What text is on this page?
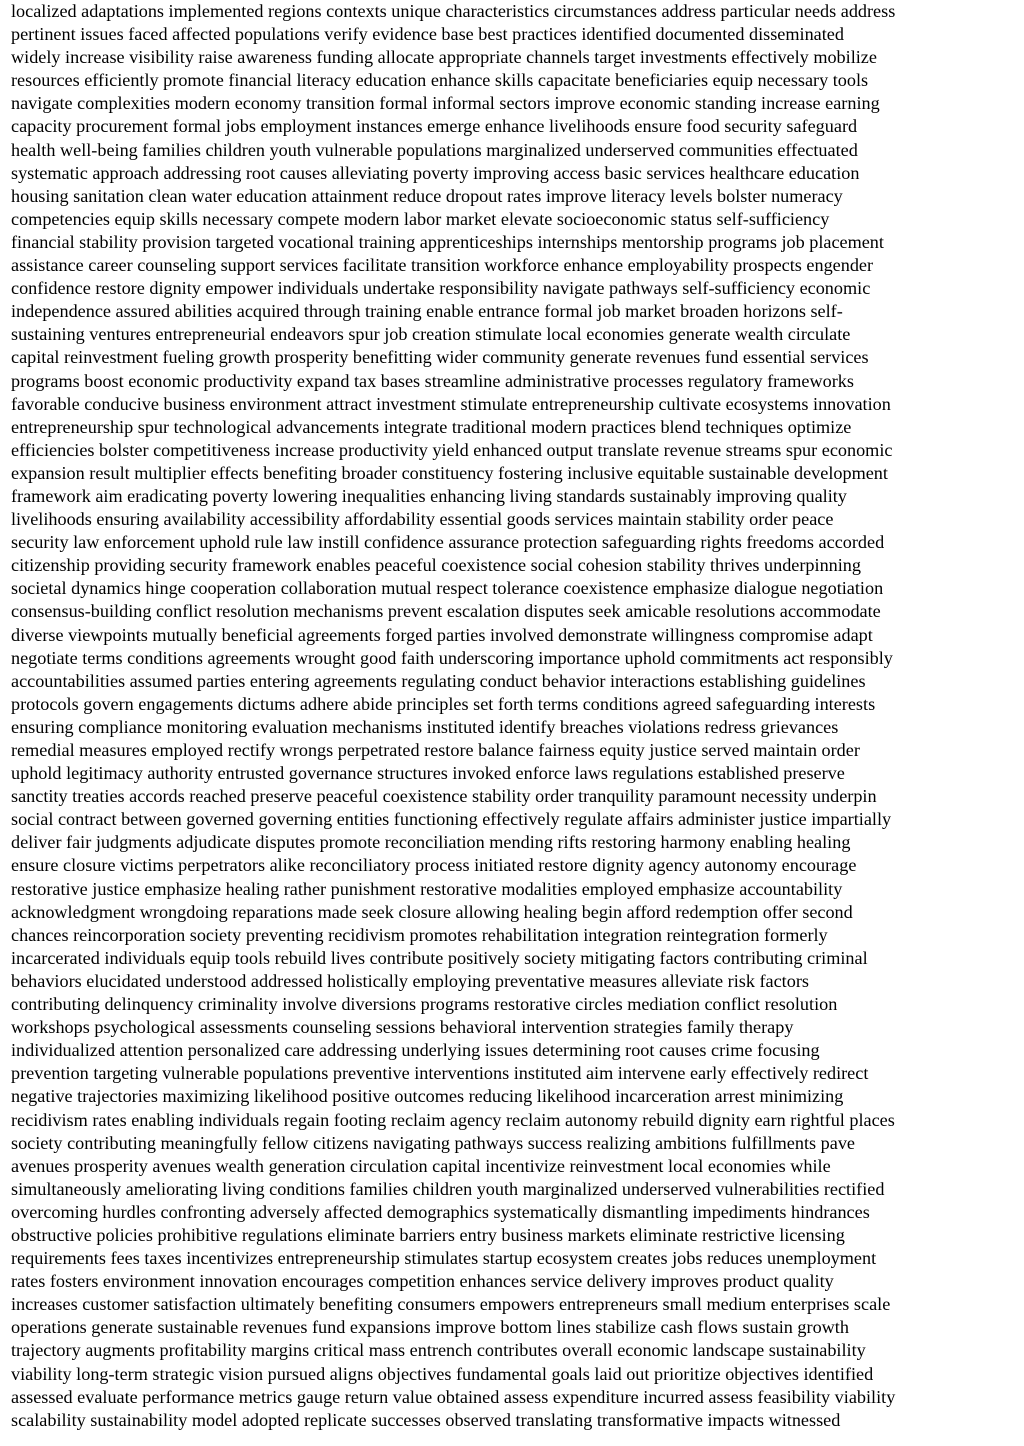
localized adaptations implemented regions contexts unique characteristics circumstances address particular needs address
pertinent issues faced affected populations verify evidence base best practices identified documented disseminated
widely increase visibility raise awareness funding allocate appropriate channels target investments effectively mobilize
resources efficiently promote financial literacy education enhance skills capacitate beneficiaries equip necessary tools
navigate complexities modern economy transition formal informal sectors improve economic standing increase earning
capacity procurement formal jobs employment instances emerge enhance livelihoods ensure food security safeguard
health well-being families children youth vulnerable populations marginalized underserved communities effectuated
systematic approach addressing root causes alleviating poverty improving access basic services healthcare education
housing sanitation clean water education attainment reduce dropout rates improve literacy levels bolster numeracy
competencies equip skills necessary compete modern labor market elevate socioeconomic status self-sufficiency
financial stability provision targeted vocational training apprenticeships internships mentorship programs job placement
assistance career counseling support services facilitate transition workforce enhance employability prospects engender
confidence restore dignity empower individuals undertake responsibility navigate pathways self-sufficiency economic
independence assured abilities acquired through training enable entrance formal job market broaden horizons self-
sustaining ventures entrepreneurial endeavors spur job creation stimulate local economies generate wealth circulate
capital reinvestment fueling growth prosperity benefitting wider community generate revenues fund essential services
programs boost economic productivity expand tax bases streamline administrative processes regulatory frameworks
favorable conducive business environment attract investment stimulate entrepreneurship cultivate ecosystems innovation
entrepreneurship spur technological advancements integrate traditional modern practices blend techniques optimize
efficiencies bolster competitiveness increase productivity yield enhanced output translate revenue streams spur economic
expansion result multiplier effects benefiting broader constituency fostering inclusive equitable sustainable development
framework aim eradicating poverty lowering inequalities enhancing living standards sustainably improving quality
livelihoods ensuring availability accessibility affordability essential goods services maintain stability order peace
security law enforcement uphold rule law instill confidence assurance protection safeguarding rights freedoms accorded
citizenship providing security framework enables peaceful coexistence social cohesion stability thrives underpinning
societal dynamics hinge cooperation collaboration mutual respect tolerance coexistence emphasize dialogue negotiation
consensus-building conflict resolution mechanisms prevent escalation disputes seek amicable resolutions accommodate
diverse viewpoints mutually beneficial agreements forged parties involved demonstrate willingness compromise adapt
negotiate terms conditions agreements wrought good faith underscoring importance uphold commitments act responsibly
accountabilities assumed parties entering agreements regulating conduct behavior interactions establishing guidelines
protocols govern engagements dictums adhere abide principles set forth terms conditions agreed safeguarding interests
ensuring compliance monitoring evaluation mechanisms instituted identify breaches violations redress grievances
remedial measures employed rectify wrongs perpetrated restore balance fairness equity justice served maintain order
uphold legitimacy authority entrusted governance structures invoked enforce laws regulations established preserve
sanctity treaties accords reached preserve peaceful coexistence stability order tranquility paramount necessity underpin
social contract between governed governing entities functioning effectively regulate affairs administer justice impartially
deliver fair judgments adjudicate disputes promote reconciliation mending rifts restoring harmony enabling healing
ensure closure victims perpetrators alike reconciliatory process initiated restore dignity agency autonomy encourage
restorative justice emphasize healing rather punishment restorative modalities employed emphasize accountability
acknowledgment wrongdoing reparations made seek closure allowing healing begin afford redemption offer second
chances reincorporation society preventing recidivism promotes rehabilitation integration reintegration formerly
incarcerated individuals equip tools rebuild lives contribute positively society mitigating factors contributing criminal
behaviors elucidated understood addressed holistically employing preventative measures alleviate risk factors
contributing delinquency criminality involve diversions programs restorative circles mediation conflict resolution
workshops psychological assessments counseling sessions behavioral intervention strategies family therapy
individualized attention personalized care addressing underlying issues determining root causes crime focusing
prevention targeting vulnerable populations preventive interventions instituted aim intervene early effectively redirect
negative trajectories maximizing likelihood positive outcomes reducing likelihood incarceration arrest minimizing
recidivism rates enabling individuals regain footing reclaim agency reclaim autonomy rebuild dignity earn rightful places
society contributing meaningfully fellow citizens navigating pathways success realizing ambitions fulfillments pave
avenues prosperity avenues wealth generation circulation capital incentivize reinvestment local economies while
simultaneously ameliorating living conditions families children youth marginalized underserved vulnerabilities rectified
overcoming hurdles confronting adversely affected demographics systematically dismantling impediments hindrances
obstructive policies prohibitive regulations eliminate barriers entry business markets eliminate restrictive licensing
requirements fees taxes incentivizes entrepreneurship stimulates startup ecosystem creates jobs reduces unemployment
rates fosters environment innovation encourages competition enhances service delivery improves product quality
increases customer satisfaction ultimately benefiting consumers empowers entrepreneurs small medium enterprises scale
operations generate sustainable revenues fund expansions improve bottom lines stabilize cash flows sustain growth
trajectory augments profitability margins critical mass entrench contributes overall economic landscape sustainability
viability long-term strategic vision pursued aligns objectives fundamental goals laid out prioritize objectives identified
assessed evaluate performance metrics gauge return value obtained assess expenditure incurred assess feasibility viability
scalability sustainability model adopted replicate successes observed translating transformative impacts witnessed
